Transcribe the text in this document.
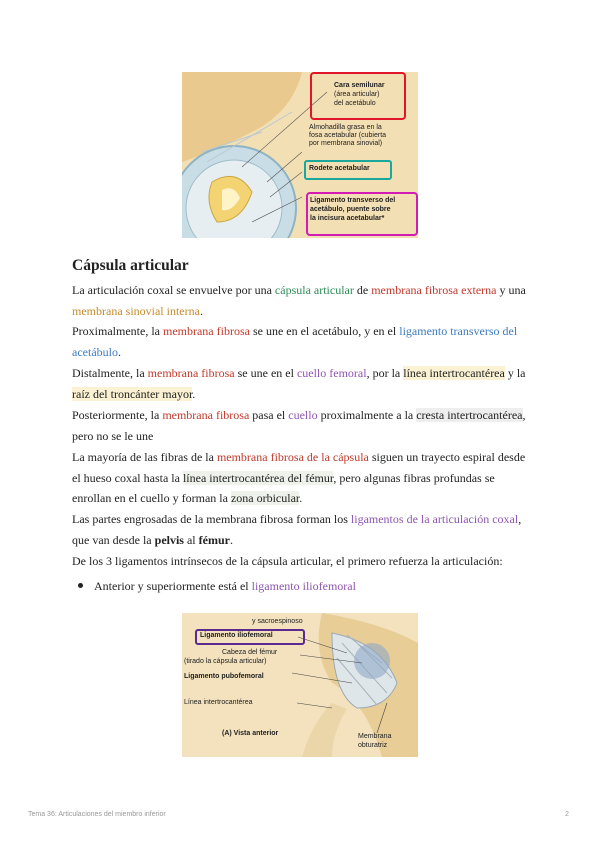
Cara semilunar
(área articular)
del acetábulo
Almohadilla grasa en la
fosa acetabular (cubierta
por membrana sinovial)
Rodete acetabular
Ligamento transverso del
acetábulo, puente sobre
la incisura acetabular*
Cápsula articular

La articulación coxal se envuelve por una cápsula articular de membrana fibrosa externa y una membrana sinovial interna.

Proximalmente, la membrana fibrosa se une en el acetábulo, y en el ligamento transverso del acetábulo.

Distalmente, la membrana fibrosa se une en el cuello femoral, por la línea intertrocantérea y la raíz del troncánter mayor.

Posteriormente, la membrana fibrosa pasa el cuello proximalmente a la cresta intertrocantérea, pero no se le une

La mayoría de las fibras de la membrana fibrosa de la cápsula siguen un trayecto espiral desde el hueso coxal hasta la línea intertrocantérea del fémur, pero algunas fibras profundas se enrollan en el cuello y forman la zona orbicular.

Las partes engrosadas de la membrana fibrosa forman los ligamentos de la articulación coxal, que van desde la pelvis al fémur.

De los 3 ligamentos intrínsecos de la cápsula articular, el primero refuerza la articulación:

Anterior y superiormente está el ligamento iliofemoral

y sacroespinoso
Ligamento iliofemoral
Cabeza del fémur
(tirado la cápsula articular)
Ligamento pubofemoral
Línea intertrocantérea
(A) Vista anterior	Membrana
obturatriz
Tema 36: Articulaciones del miembro inferior	2
